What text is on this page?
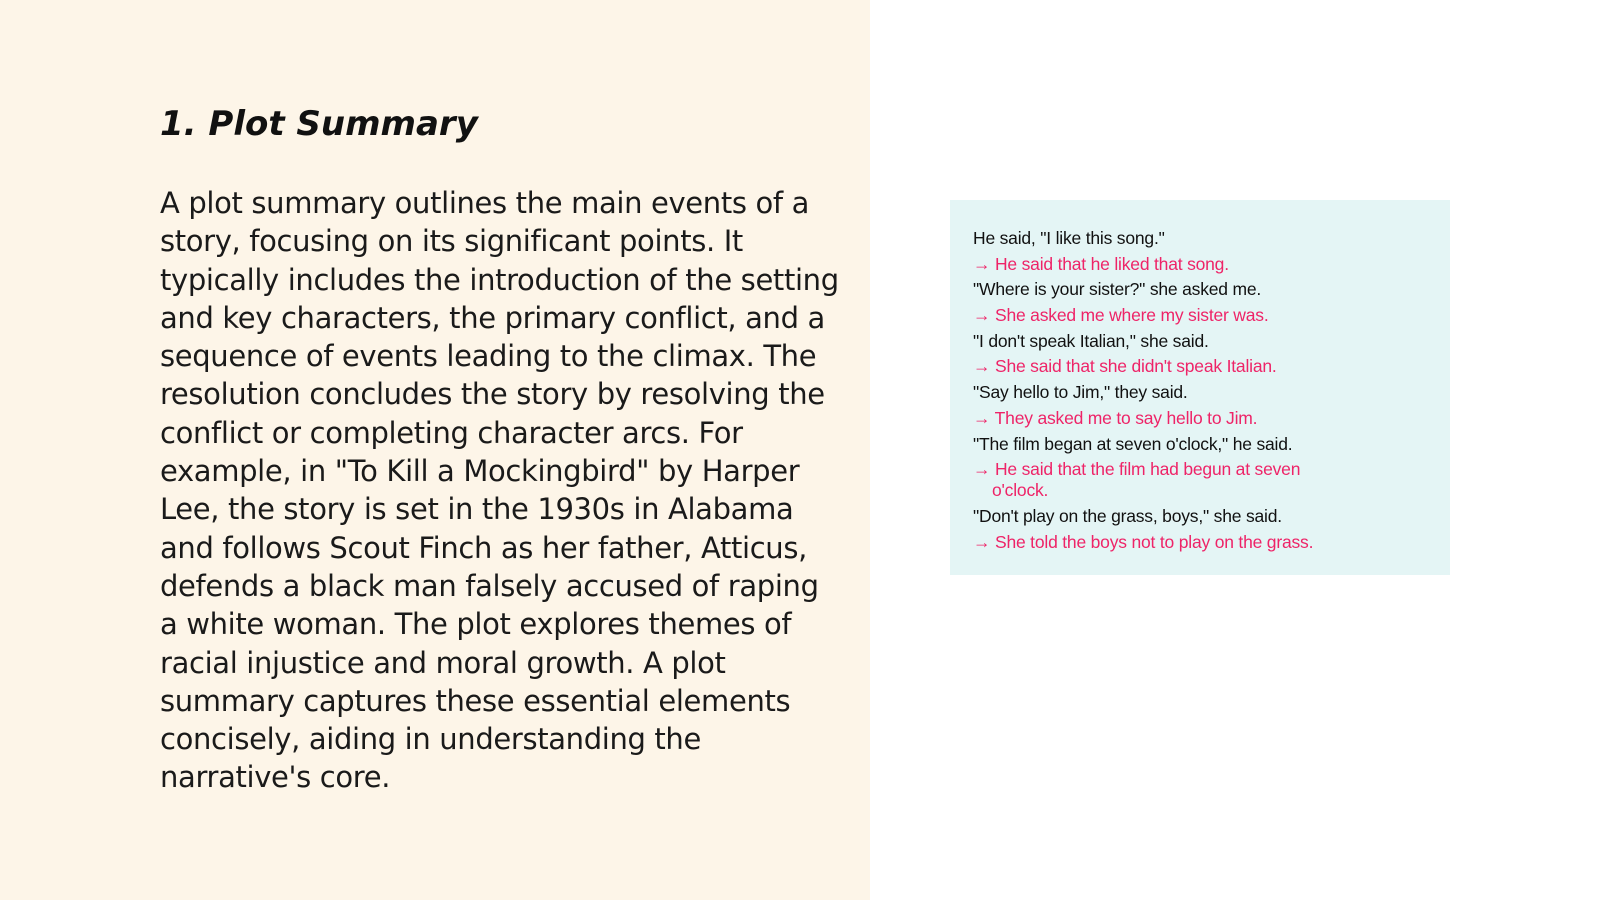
1. Plot Summary

A plot summary outlines the main events of a story, focusing on its significant points. It typically includes the introduction of the setting and key characters, the primary conflict, and a sequence of events leading to the climax. The resolution concludes the story by resolving the conflict or completing character arcs. For example, in "To Kill a Mockingbird" by Harper Lee, the story is set in the 1930s in Alabama and follows Scout Finch as her father, Atticus, defends a black man falsely accused of raping a white woman. The plot explores themes of racial injustice and moral growth. A plot summary captures these essential elements concisely, aiding in understanding the narrative's core.

He said, "I like this song."
→ He said that he liked that song.
"Where is your sister?" she asked me.
→ She asked me where my sister was.
"I don't speak Italian," she said.
→ She said that she didn't speak Italian.
"Say hello to Jim," they said.
→ They asked me to say hello to Jim.
"The film began at seven o'clock," he said.
→ He said that the film had begun at seven
o'clock.
"Don't play on the grass, boys," she said.
→ She told the boys not to play on the grass.
